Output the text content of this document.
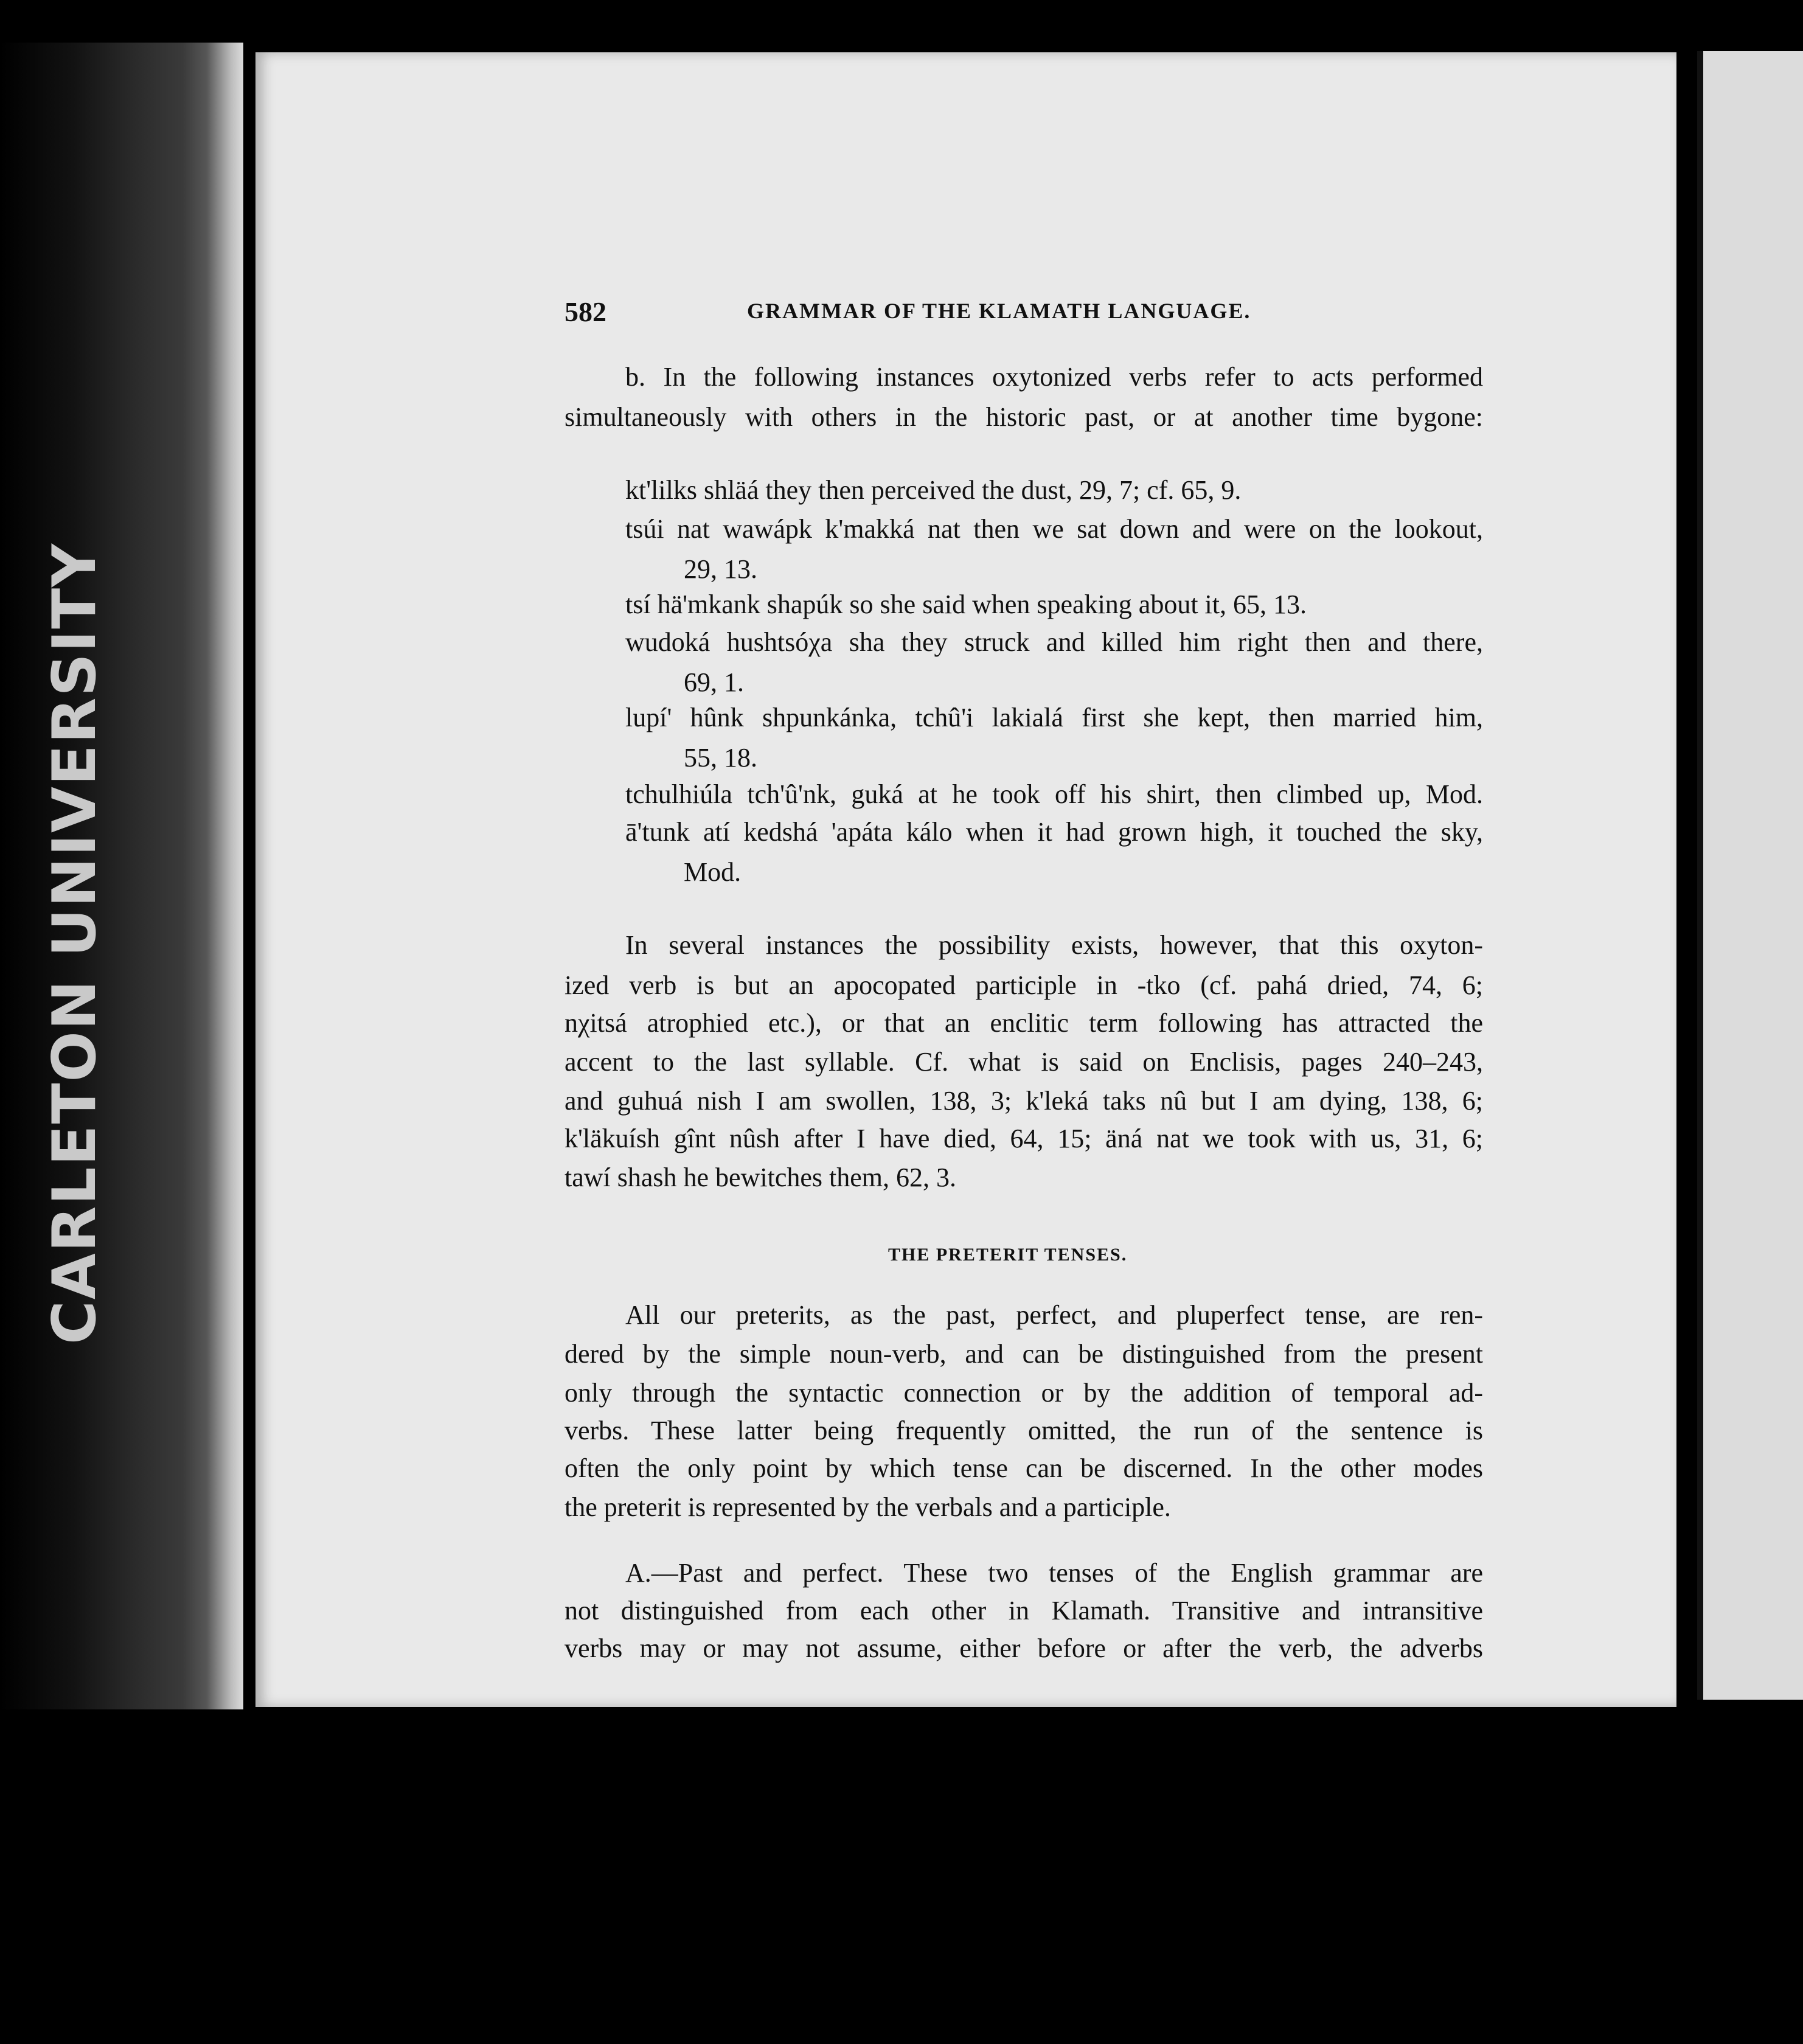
CARLETON UNIVERSITY
582	GRAMMAR OF THE KLAMATH LANGUAGE.
b. In the following instances oxytonized verbs refer to acts performed
simultaneously with others in the historic past, or at another time bygone:
kt'lilks shläá they then perceived the dust, 29, 7; cf. 65, 9.
tsúi nat wawápk k'makká nat then we sat down and were on the lookout,
29, 13.
tsí hä'mkank shapúk so she said when speaking about it, 65, 13.
wudoká hushtsóχa sha they struck and killed him right then and there,
69, 1.
lupí' hûnk shpunkánka, tchû'i lakialá first she kept, then married him,
55, 18.
tchulhiúla tch'û'nk, guká at he took off his shirt, then climbed up, Mod.
ā'tunk atí kedshá 'apáta kálo when it had grown high, it touched the sky,
Mod.
In several instances the possibility exists, however, that this oxyton-
ized verb is but an apocopated participle in -tko (cf. pahá dried, 74, 6;
nχitsá atrophied etc.), or that an enclitic term following has attracted the
accent to the last syllable. Cf. what is said on Enclisis, pages 240–243,
and guhuá nish I am swollen, 138, 3; k'leká taks nû but I am dying, 138, 6;
k'läkuísh gînt nûsh after I have died, 64, 15; äná nat we took with us, 31, 6;
tawí shash he bewitches them, 62, 3.
All our preterits, as the past, perfect, and pluperfect tense, are ren-
dered by the simple noun-verb, and can be distinguished from the present
only through the syntactic connection or by the addition of temporal ad-
verbs. These latter being frequently omitted, the run of the sentence is
often the only point by which tense can be discerned. In the other modes
the preterit is represented by the verbals and a participle.
A.—Past and perfect. These two tenses of the English grammar are
not distinguished from each other in Klamath. Transitive and intransitive
verbs may or may not assume, either before or after the verb, the adverbs
THE PRETERIT TENSES.
